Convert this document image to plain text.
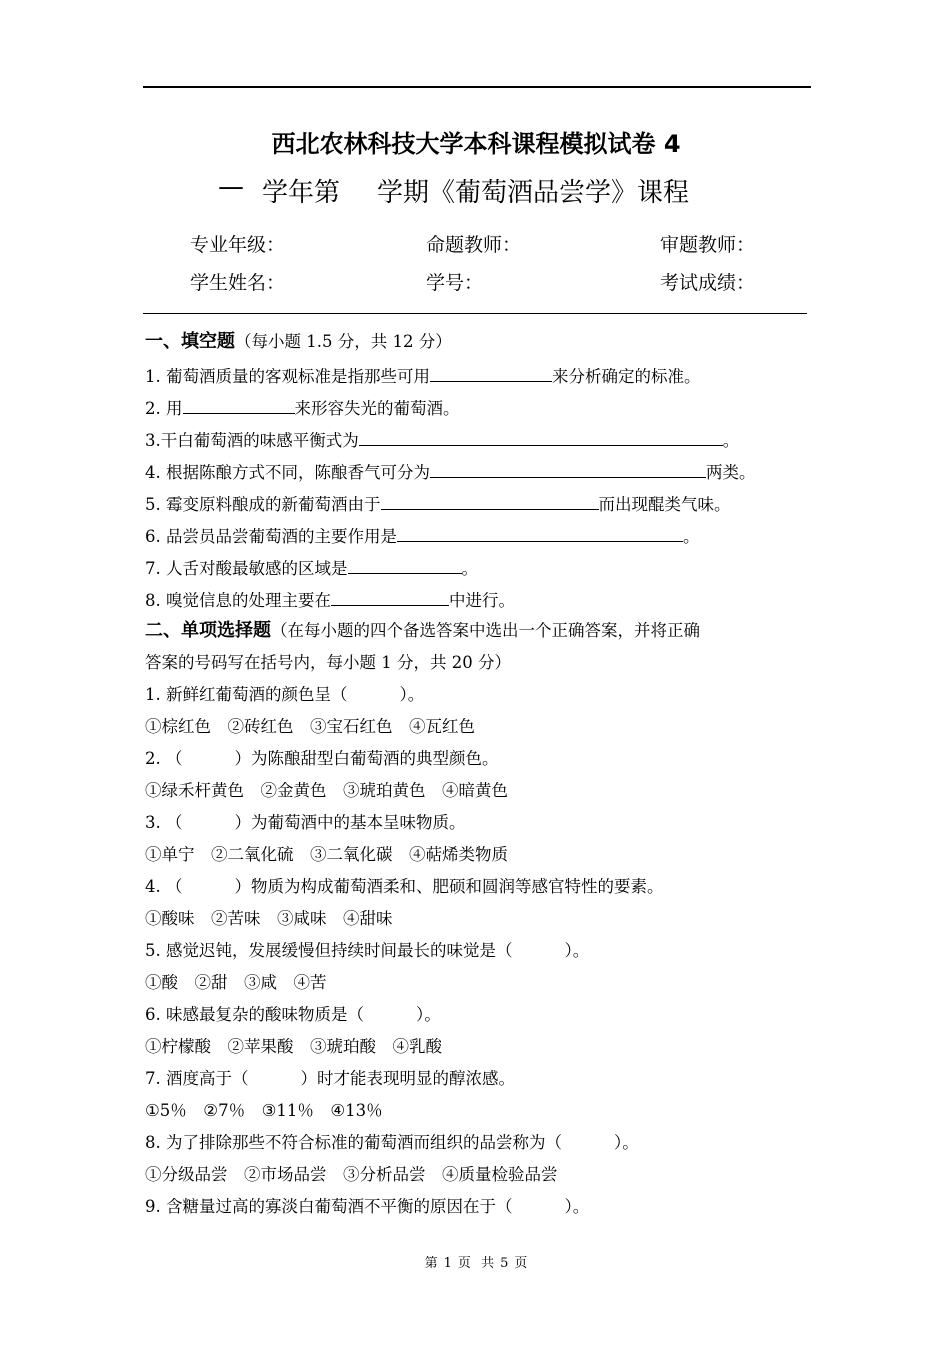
西北农林科技大学本科课程模拟试卷 4
— 学年第 学期《葡萄酒品尝学》课程
专业年级：	命题教师：	审题教师：
学生姓名：	学号：	考试成绩：
一、填空题（每小题 1.5 分，共 12 分）
1. 葡萄酒质量的客观标准是指那些可用	来分析确定的标准。
2. 用	来形容失光的葡萄酒。
3.干白葡萄酒的味感平衡式为	。
4. 根据陈酿方式不同，陈酿香气可分为	两类。
5. 霉变原料酿成的新葡萄酒由于	而出现醌类气味。
6. 品尝员品尝葡萄酒的主要作用是	。
7. 人舌对酸最敏感的区域是	。
8. 嗅觉信息的处理主要在	中进行。
二、单项选择题（在每小题的四个备选答案中选出一个正确答案，并将正确
答案的号码写在括号内，每小题 1 分，共 20 分）
1. 新鲜红葡萄酒的颜色呈（	）。
①棕红色　②砖红色　③宝石红色　④瓦红色
2. （	）为陈酿甜型白葡萄酒的典型颜色。
①绿禾杆黄色　②金黄色　③琥珀黄色　④暗黄色
3. （	）为葡萄酒中的基本呈味物质。
①单宁　②二氧化硫　③二氧化碳　④萜烯类物质
4. （	）物质为构成葡萄酒柔和、肥硕和圆润等感官特性的要素。
①酸味　②苦味　③咸味　④甜味
5. 感觉迟钝，发展缓慢但持续时间最长的味觉是（	）。
①酸　②甜　③咸　④苦
6. 味感最复杂的酸味物质是（	）。
①柠檬酸　②苹果酸　③琥珀酸　④乳酸
7. 酒度高于（	）时才能表现明显的醇浓感。
①5％　②7％　③11％　④13％
8. 为了排除那些不符合标准的葡萄酒而组织的品尝称为（	）。
①分级品尝　②市场品尝　③分析品尝　④质量检验品尝
9. 含糖量过高的寡淡白葡萄酒不平衡的原因在于（	）。
第 1 页 共 5 页
